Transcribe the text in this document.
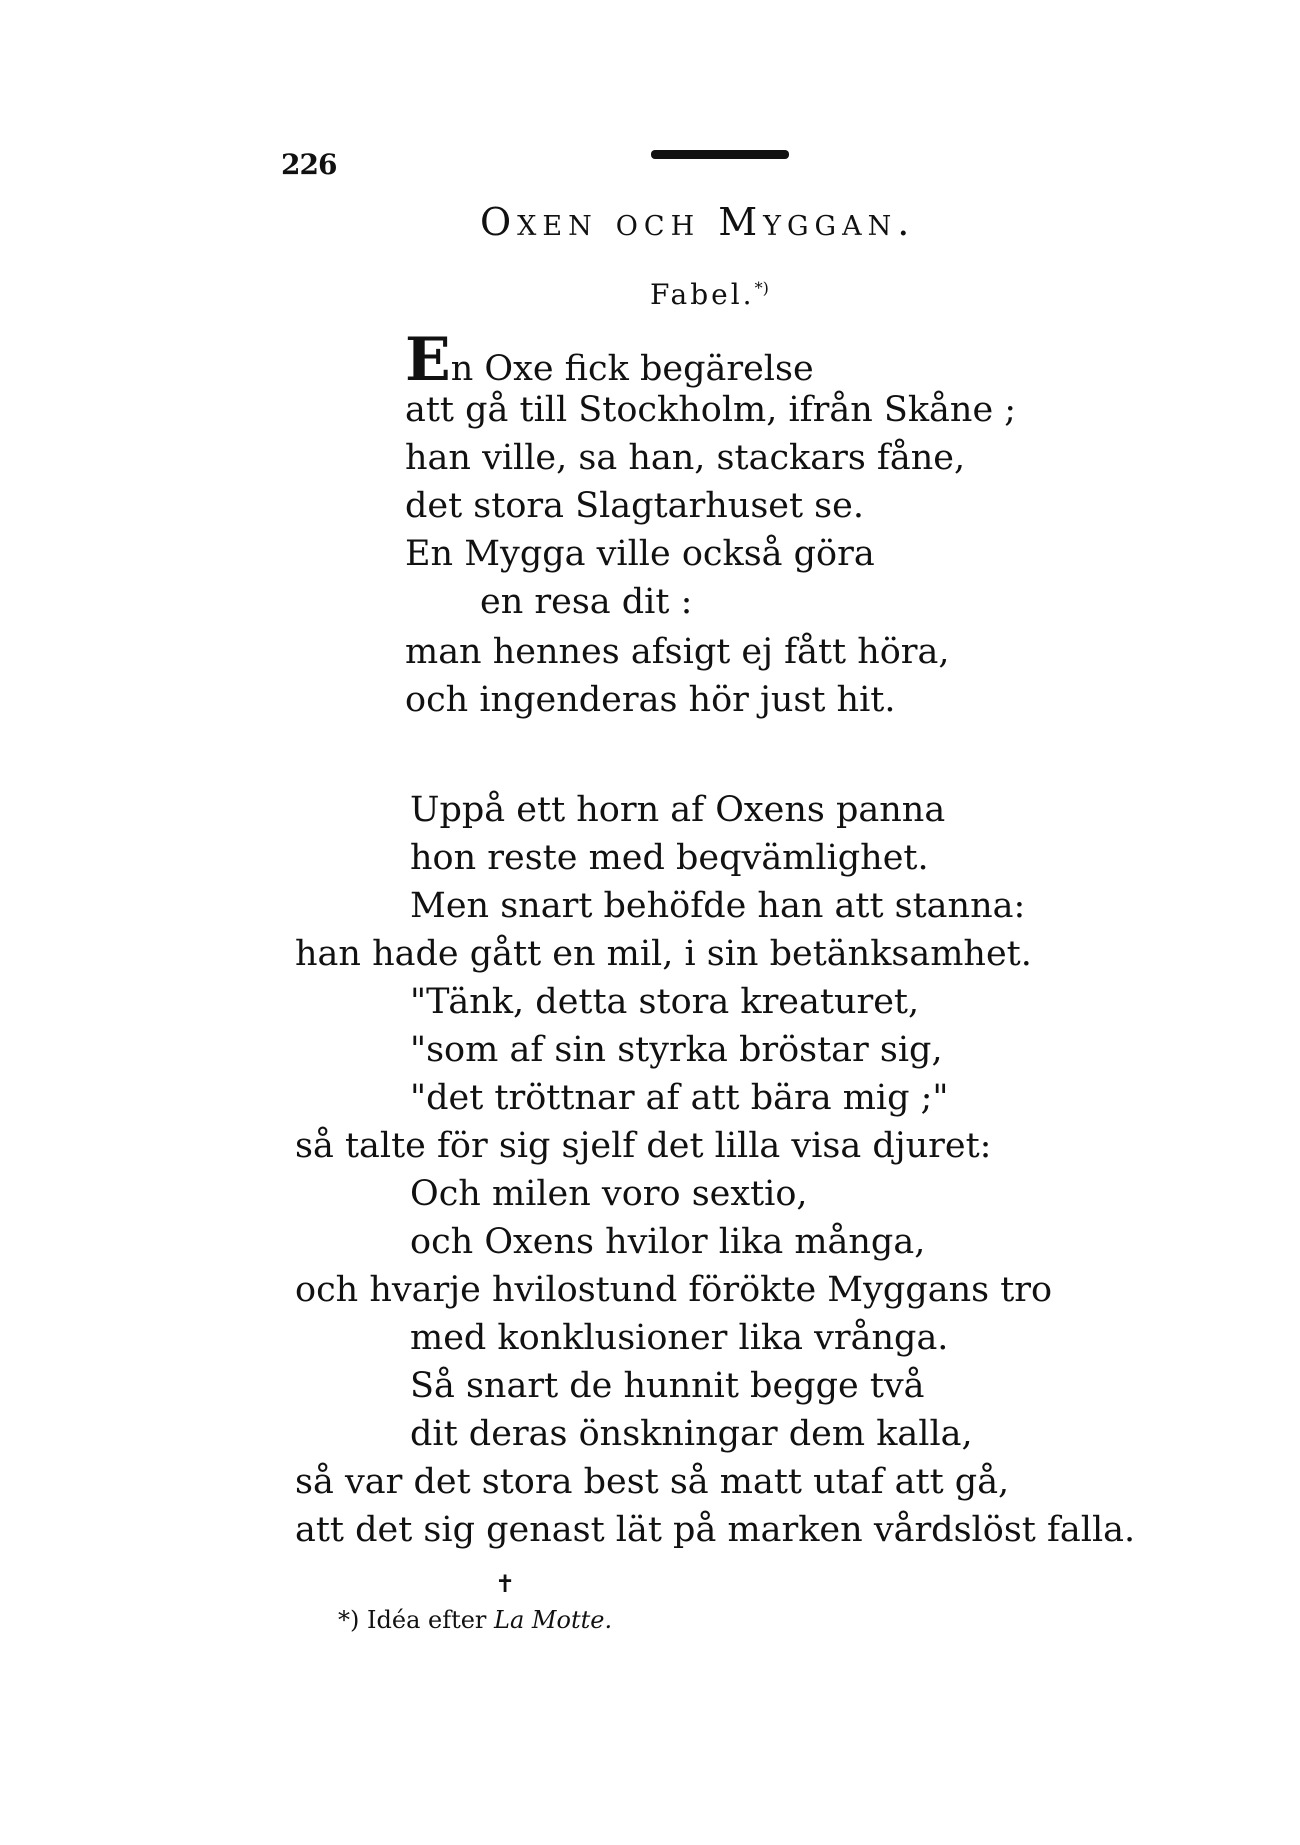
226
Oxen och Myggan.

Fabel.*)

En Oxe fick begärelse

att gå till Stockholm, ifrån Skåne ;

han ville, sa han, stackars fåne,

det stora Slagtarhuset se.

En Mygga ville också göra

en resa dit :

man hennes afsigt ej fått höra,

och ingenderas hör just hit.

Uppå ett horn af Oxens panna

hon reste med beqvämlighet.

Men snart behöfde han att stanna:

han hade gått en mil, i sin betänksamhet.

"Tänk, detta stora kreaturet,

"som af sin styrka bröstar sig,

"det tröttnar af att bära mig ;"

så talte för sig sjelf det lilla visa djuret:

Och milen voro sextio,

och Oxens hvilor lika många,

och hvarje hvilostund förökte Myggans tro

med konklusioner lika vrånga.

Så snart de hunnit begge två

dit deras önskningar dem kalla,

så var det stora best så matt utaf att gå,

att det sig genast lät på marken vårdslöst falla.

✝

*) Idéa efter La Motte.
